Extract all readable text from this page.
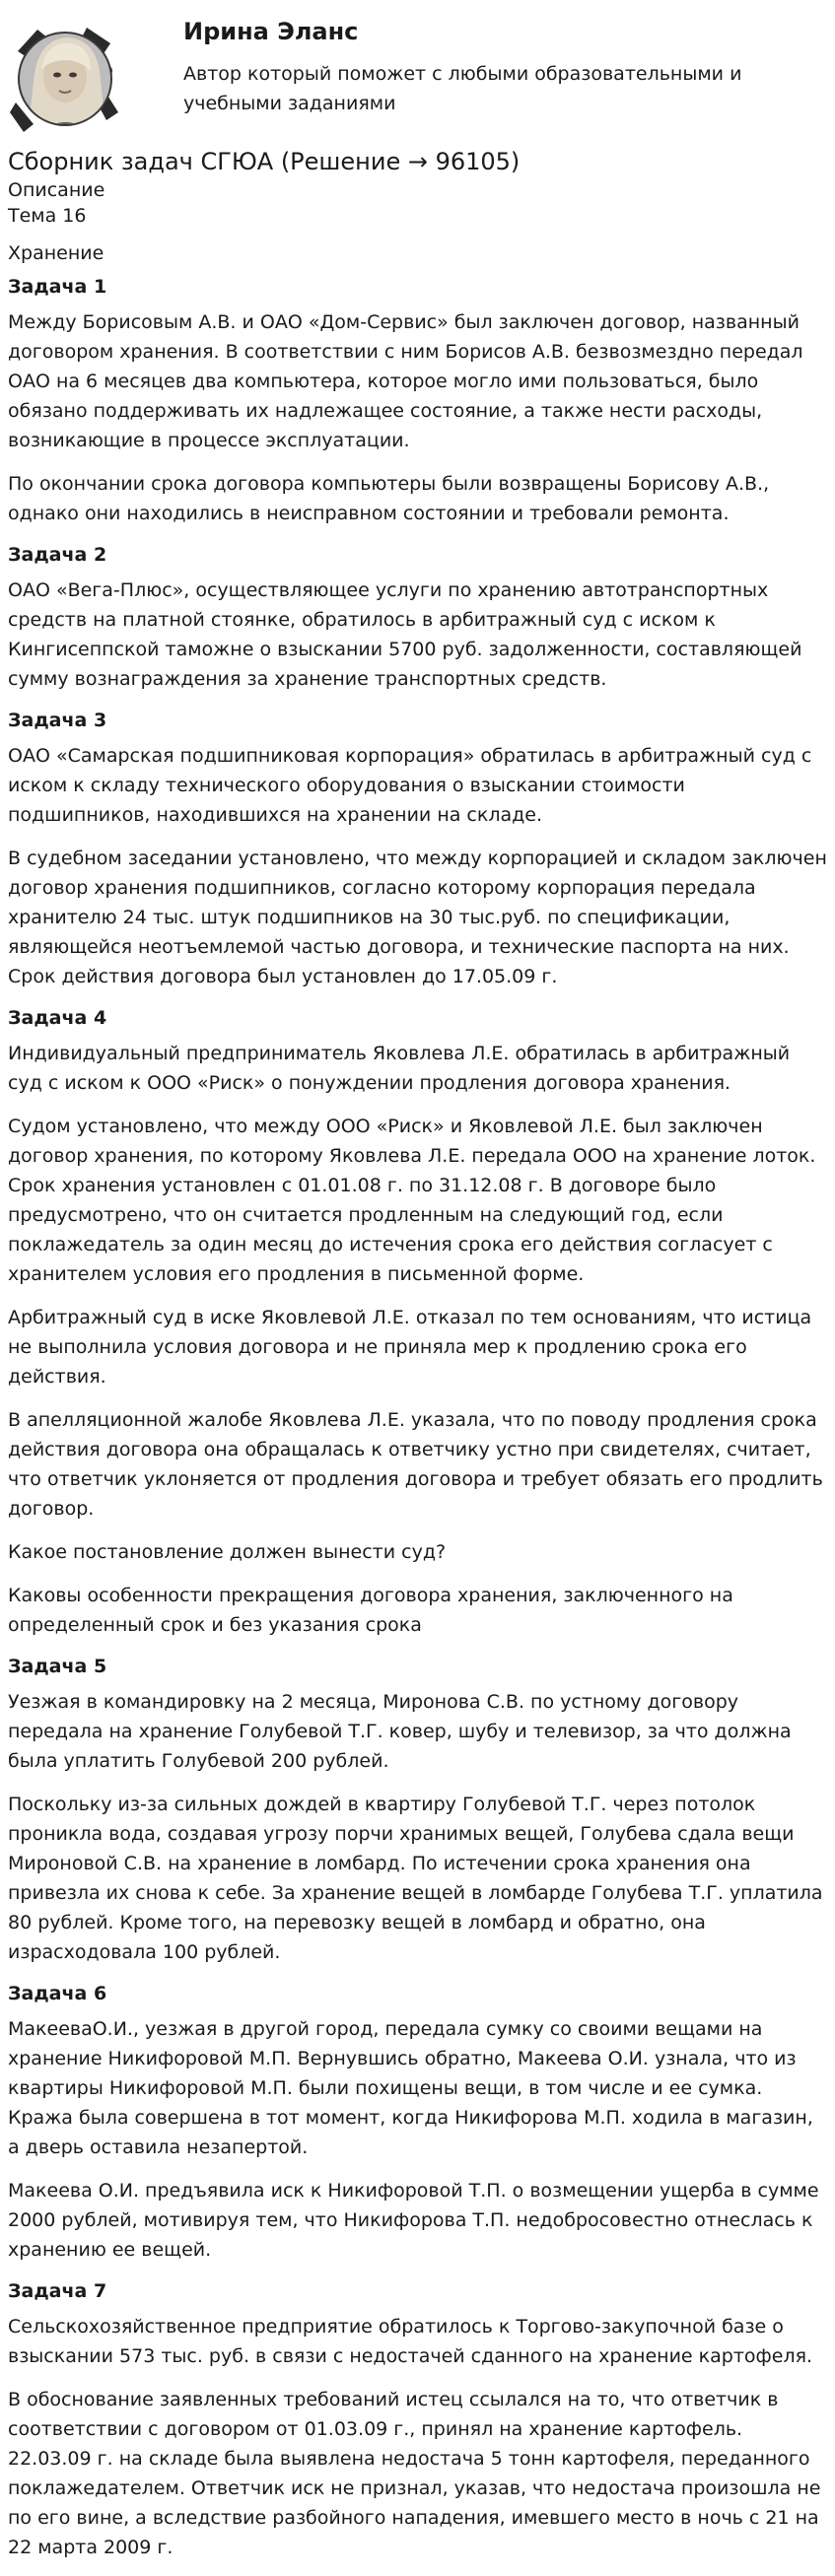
Ирина Эланс
Автор который поможет с любыми образовательными и учебными заданиями
Сборник задач СГЮА (Решение → 96105)
Описание
Тема 16
Хранение
Задача 1

Между Борисовым А.В. и ОАО «Дом-Сервис» был заключен договор, названный договором хранения. В соответствии с ним Борисов А.В. безвозмездно передал ОАО на 6 месяцев два компьютера, которое могло ими пользоваться, было обязано поддерживать их надлежащее состояние, а также нести расходы, возникающие в процессе эксплуатации.

По окончании срока договора компьютеры были возвращены Борисову А.В., однако они находились в неисправном состоянии и требовали ремонта.

Задача 2

ОАО «Вега-Плюс», осуществляющее услуги по хранению автотранспортных средств на платной стоянке, обратилось в арбитражный суд с иском к Кингисеппской таможне о взыскании 5700 руб. задолженности, составляющей сумму вознаграждения за хранение транспортных средств.

Задача 3

ОАО «Самарская подшипниковая корпорация» обратилась в арбитражный суд с иском к складу технического оборудования о взыскании стоимости подшипников, находившихся на хранении на складе.

В судебном заседании установлено, что между корпорацией и складом заключен договор хранения подшипников, согласно которому корпорация передала хранителю 24 тыс. штук подшипников на 30 тыс.руб. по спецификации, являющейся неотъемлемой частью договора, и технические паспорта на них. Срок действия договора был установлен до 17.05.09 г.

Задача 4

Индивидуальный предприниматель Яковлева Л.Е. обратилась в арбитражный суд с иском к ООО «Риск» о понуждении продления договора хранения.

Судом установлено, что между ООО «Риск» и Яковлевой Л.Е. был заключен договор хранения, по которому Яковлева Л.Е. передала ООО на хранение лоток. Срок хранения установлен с 01.01.08 г. по 31.12.08 г. В договоре было предусмотрено, что он считается продленным на следующий год, если поклажедатель за один месяц до истечения срока его действия согласует с хранителем условия его продления в письменной форме.

Арбитражный суд в иске Яковлевой Л.Е. отказал по тем основаниям, что истица не выполнила условия договора и не приняла мер к продлению срока его действия.

В апелляционной жалобе Яковлева Л.Е. указала, что по поводу продления срока действия договора она обращалась к ответчику устно при свидетелях, считает, что ответчик уклоняется от продления договора и требует обязать его продлить договор.

Какое постановление должен вынести суд?

Каковы особенности прекращения договора хранения, заключенного на определенный срок и без указания срока

Задача 5

Уезжая в командировку на 2 месяца, Миронова С.В. по устному договору передала на хранение Голубевой Т.Г. ковер, шубу и телевизор, за что должна была уплатить Голубевой 200 рублей.

Поскольку из-за сильных дождей в квартиру Голубевой Т.Г. через потолок проникла вода, создавая угрозу порчи хранимых вещей, Голубева сдала вещи Мироновой С.В. на хранение в ломбард. По истечении срока хранения она привезла их снова к себе. За хранение вещей в ломбарде Голубева Т.Г. уплатила 80 рублей. Кроме того, на перевозку вещей в ломбард и обратно, она израсходовала 100 рублей.

Задача 6

МакееваО.И., уезжая в другой город, передала сумку со своими вещами на хранение Никифоровой М.П. Вернувшись обратно, Макеева О.И. узнала, что из квартиры Никифоровой М.П. были похищены вещи, в том числе и ее сумка. Кража была совершена в тот момент, когда Никифорова М.П. ходила в магазин, а дверь оставила незапертой.

Макеева О.И. предъявила иск к Никифоровой Т.П. о возмещении ущерба в сумме 2000 рублей, мотивируя тем, что Никифорова Т.П. недобросовестно отнеслась к хранению ее вещей.

Задача 7

Сельскохозяйственное предприятие обратилось к Торгово-закупочной базе о взыскании 573 тыс. руб. в связи с недостачей сданного на хранение картофеля.

В обоснование заявленных требований истец ссылался на то, что ответчик в соответствии с договором от 01.03.09 г., принял на хранение картофель. 22.03.09 г. на складе была выявлена недостача 5 тонн картофеля, переданного поклажедателем. Ответчик иск не признал, указав, что недостача произошла не по его вине, а вследствие разбойного нападения, имевшего место в ночь с 21 на 22 марта 2009 г.
